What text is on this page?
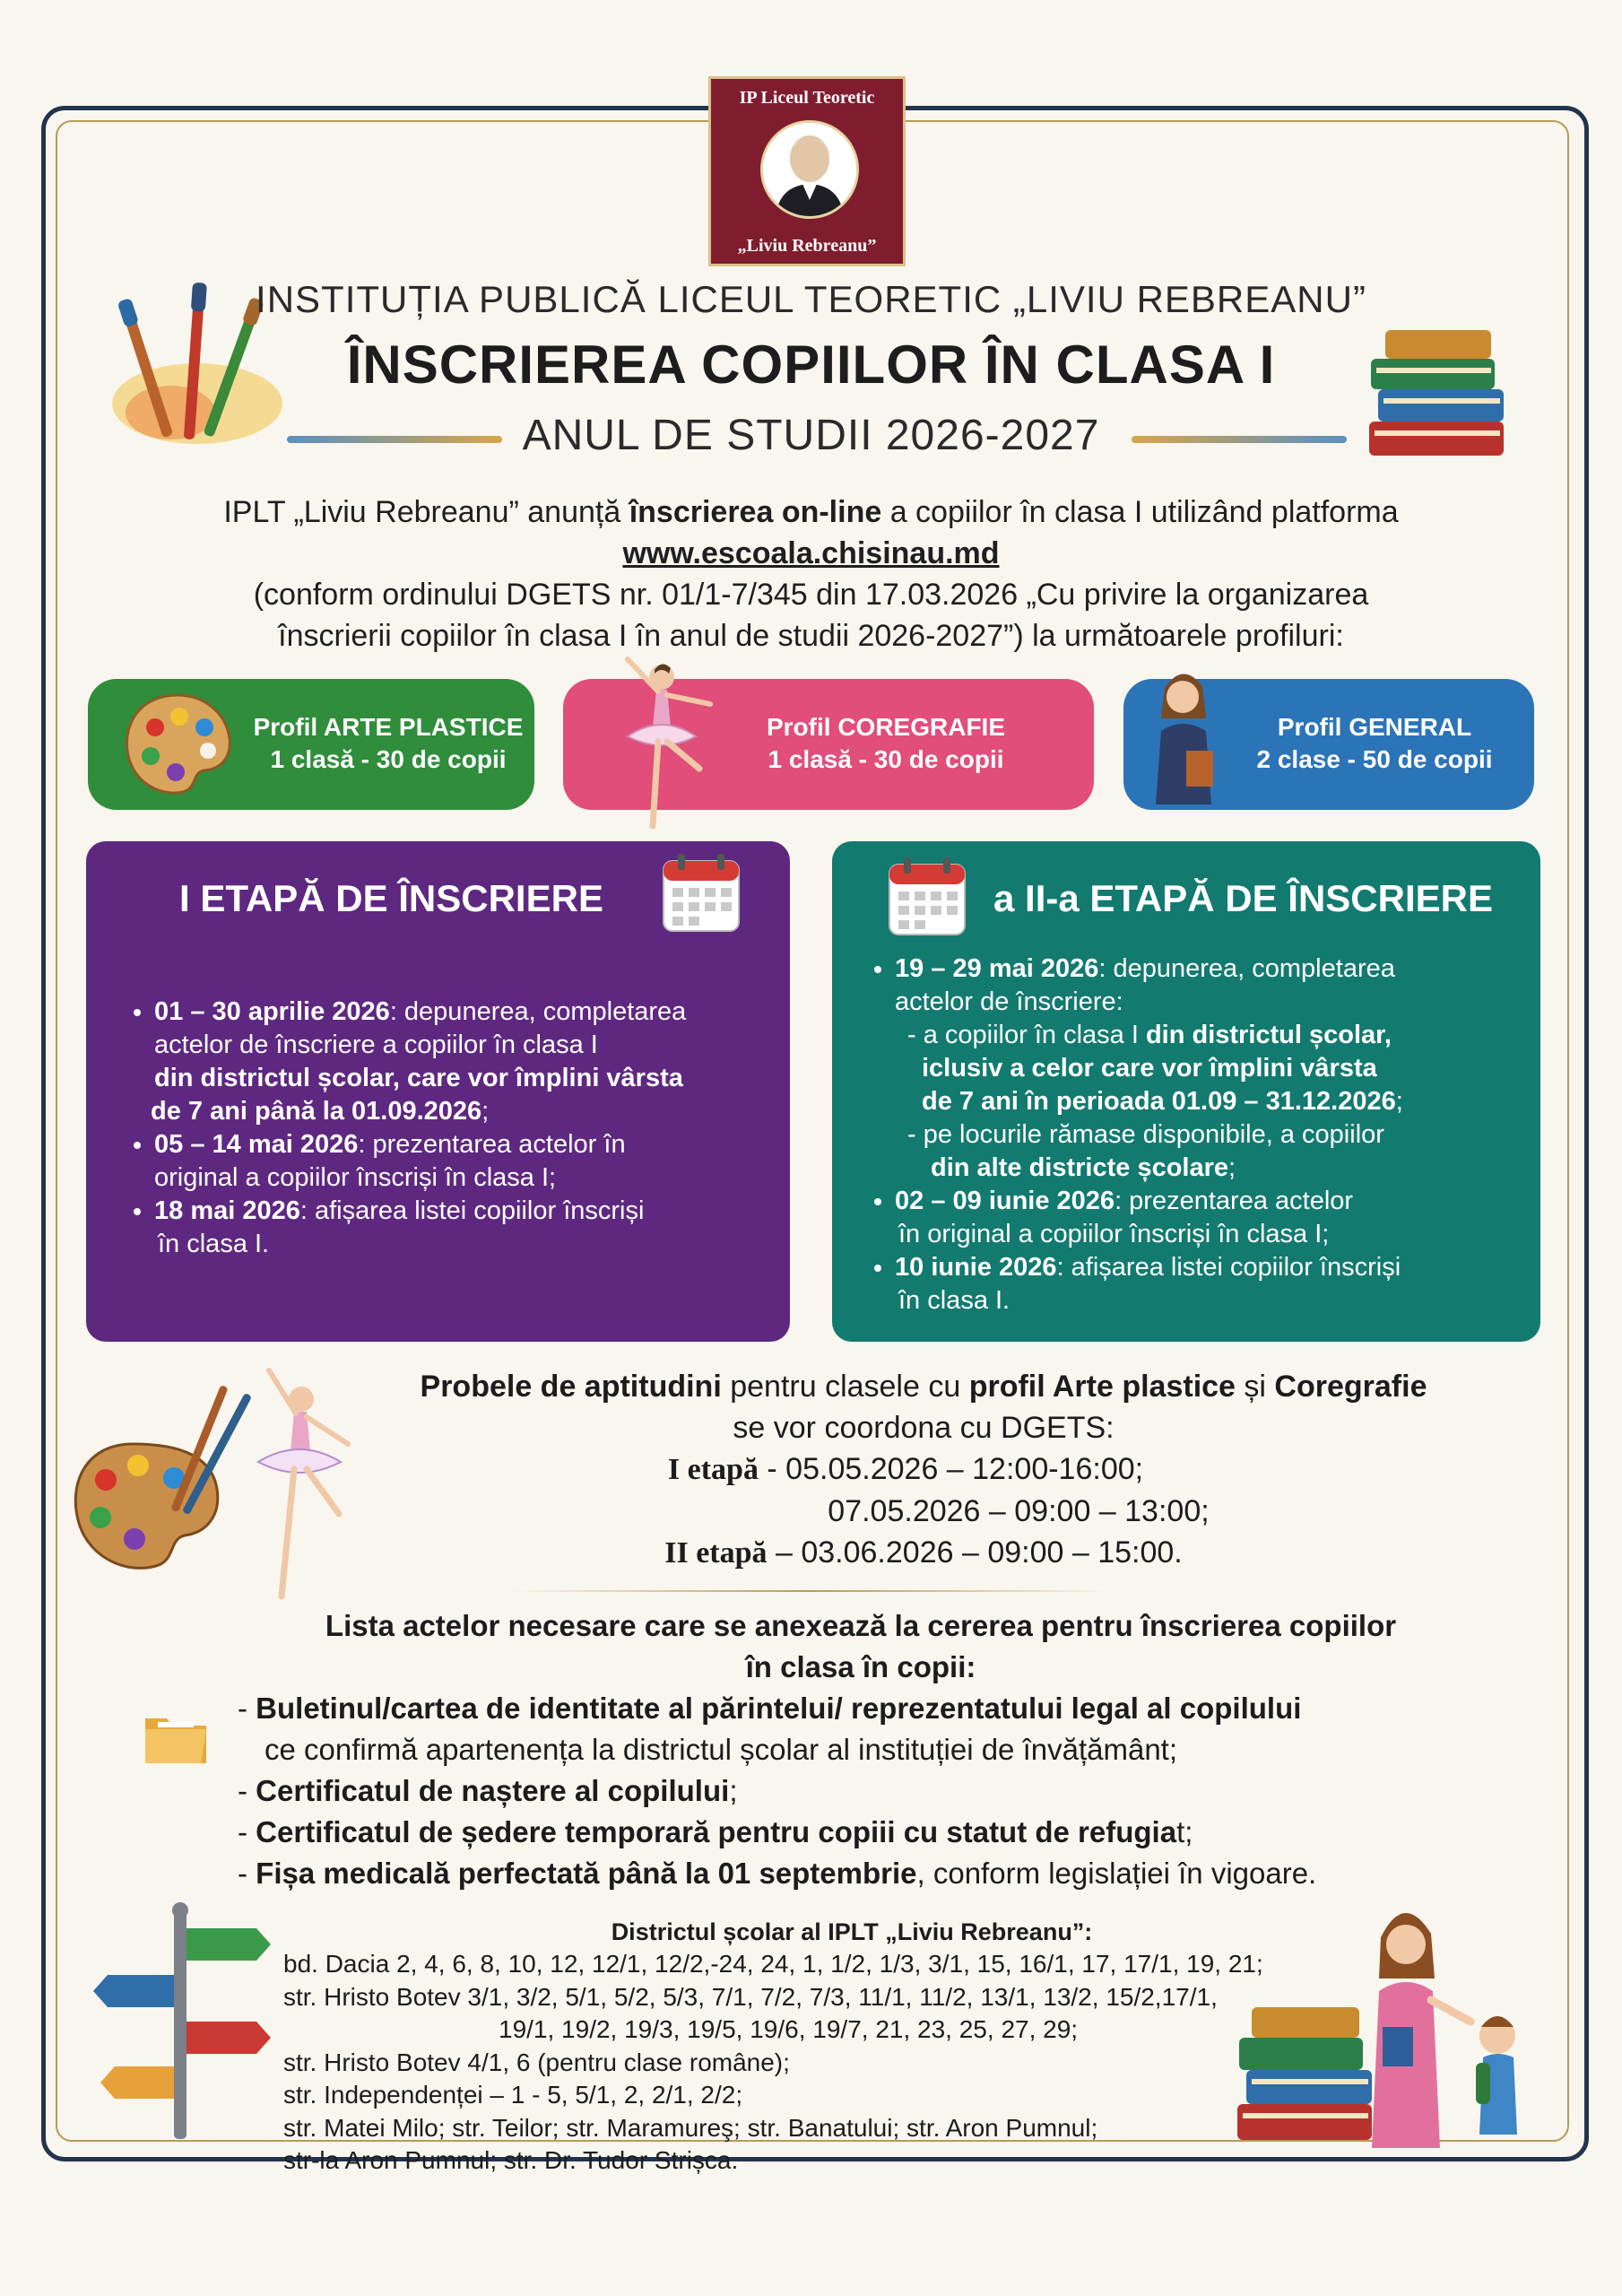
IP Liceul Teoretic
„Liviu Rebreanu”
INSTITUȚIA PUBLICĂ LICEUL TEORETIC „LIVIU REBREANU”
ÎNSCRIEREA COPIILOR ÎN CLASA I
ANUL DE STUDII 2026-2027
IPLT „Liviu Rebreanu” anunță înscrierea on-line a copiilor în clasa I utilizând platforma
www.escoala.chisinau.md
(conform ordinului DGETS nr. 01/1-7/345 din 17.03.2026 „Cu privire la organizarea
înscrierii copiilor în clasa I în anul de studii 2026-2027”) la următoarele profiluri:
Profil ARTE PLASTICE
1 clasă - 30 de copii
Profil COREGRAFIE
1 clasă - 30 de copii
Profil GENERAL
2 clase - 50 de copii
I ETAPĂ DE ÎNSCRIERE
• 01 – 30 aprilie 2026: depunerea, completarea
actelor de înscriere a copiilor în clasa I
din districtul școlar, care vor împlini vârsta
de 7 ani până la 01.09.2026;
• 05 – 14 mai 2026: prezentarea actelor în
original a copiilor înscriși în clasa I;
• 18 mai 2026: afișarea listei copiilor înscriși
în clasa I.
a II-a ETAPĂ DE ÎNSCRIERE
• 19 – 29 mai 2026: depunerea, completarea
actelor de înscriere:
- a copiilor în clasa I din districtul școlar,
iclusiv a celor care vor împlini vârsta
de 7 ani în perioada 01.09 – 31.12.2026;
- pe locurile rămase disponibile, a copiilor
din alte districte școlare;
• 02 – 09 iunie 2026: prezentarea actelor
în original a copiilor înscriși în clasa I;
• 10 iunie 2026: afișarea listei copiilor înscriși
în clasa I.
Probele de aptitudini pentru clasele cu profil Arte plastice și Coregrafie
se vor coordona cu DGETS:
I etapă - 05.05.2026 – 12:00-16:00;
07.05.2026 – 09:00 – 13:00;
II etapă – 03.06.2026 – 09:00 – 15:00.
Lista actelor necesare care se anexează la cererea pentru înscrierea copiilor
în clasa în copii:
- Buletinul/cartea de identitate al părintelui/ reprezentatului legal al copilului
ce confirmă apartenența la districtul școlar al instituției de învățământ;
- Certificatul de naștere al copilului;
- Certificatul de ședere temporară pentru copiii cu statut de refugiat;
- Fișa medicală perfectată până la 01 septembrie, conform legislației în vigoare.
Districtul școlar al IPLT „Liviu Rebreanu”:
bd. Dacia 2, 4, 6, 8, 10, 12, 12/1, 12/2,-24, 24, 1, 1/2, 1/3, 3/1, 15, 16/1, 17, 17/1, 19, 21;
str. Hristo Botev 3/1, 3/2, 5/1, 5/2, 5/3, 7/1, 7/2, 7/3, 11/1, 11/2, 13/1, 13/2, 15/2,17/1,
19/1, 19/2, 19/3, 19/5, 19/6, 19/7, 21, 23, 25, 27, 29;
str. Hristo Botev 4/1, 6 (pentru clase române);
str. Independenței – 1 - 5, 5/1, 2, 2/1, 2/2;
str. Matei Milo; str. Teilor; str. Maramureş; str. Banatului; str. Aron Pumnul;
str-la Aron Pumnul; str. Dr. Tudor Strișca.
